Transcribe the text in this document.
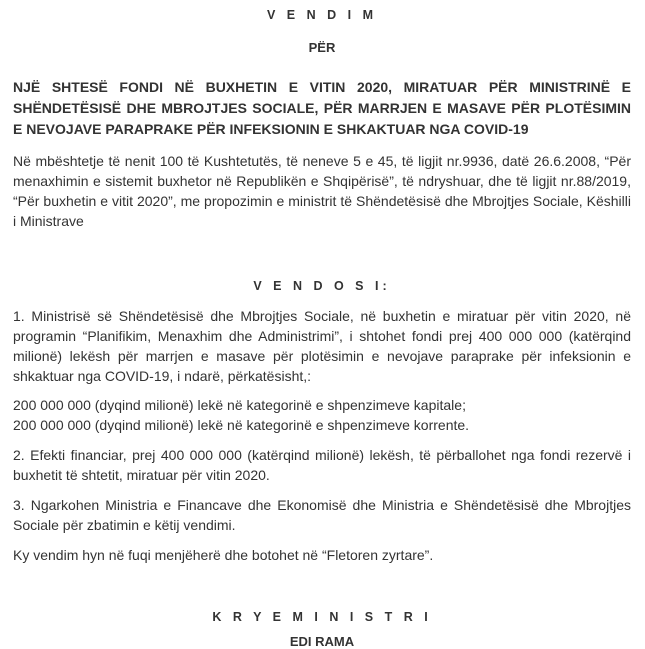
V E N D I M
PËR
NJË SHTESË FONDI NË BUXHETIN E VITIN 2020, MIRATUAR PËR MINISTRINË E SHËNDETËSISË DHE MBROJTJES SOCIALE, PËR MARRJEN E MASAVE PËR PLOTËSIMIN E NEVOJAVE PARAPRAKE PËR INFEKSIONIN E SHKAKTUAR NGA COVID-19

Në mbështetje të nenit 100 të Kushtetutës, të neneve 5 e 45, të ligjit nr.9936, datë 26.6.2008, “Për menaxhimin e sistemit buxhetor në Republikën e Shqipërisë”, të ndryshuar, dhe të ligjit nr.88/2019, “Për buxhetin e vitit 2020”, me propozimin e ministrit të Shëndetësisë dhe Mbrojtjes Sociale, Këshilli i Ministrave

V E N D O S I:

1. Ministrisë së Shëndetësisë dhe Mbrojtjes Sociale, në buxhetin e miratuar për vitin 2020, në programin “Planifikim, Menaxhim dhe Administrimi”, i shtohet fondi prej 400 000 000 (katërqind milionë) lekësh për marrjen e masave për plotësimin e nevojave paraprake për infeksionin e shkaktuar nga COVID-19, i ndarë, përkatësisht,:

200 000 000 (dyqind milionë) lekë në kategorinë e shpenzimeve kapitale;

200 000 000 (dyqind milionë) lekë në kategorinë e shpenzimeve korrente.

2. Efekti financiar, prej 400 000 000 (katërqind milionë) lekësh, të përballohet nga fondi rezervë i buxhetit të shtetit, miratuar për vitin 2020.

3. Ngarkohen Ministria e Financave dhe Ekonomisë dhe Ministria e Shëndetësisë dhe Mbrojtjes Sociale për zbatimin e këtij vendimi.

Ky vendim hyn në fuqi menjëherë dhe botohet në “Fletoren zyrtare”.

K R Y E M I N I S T R I
EDI RAMA
